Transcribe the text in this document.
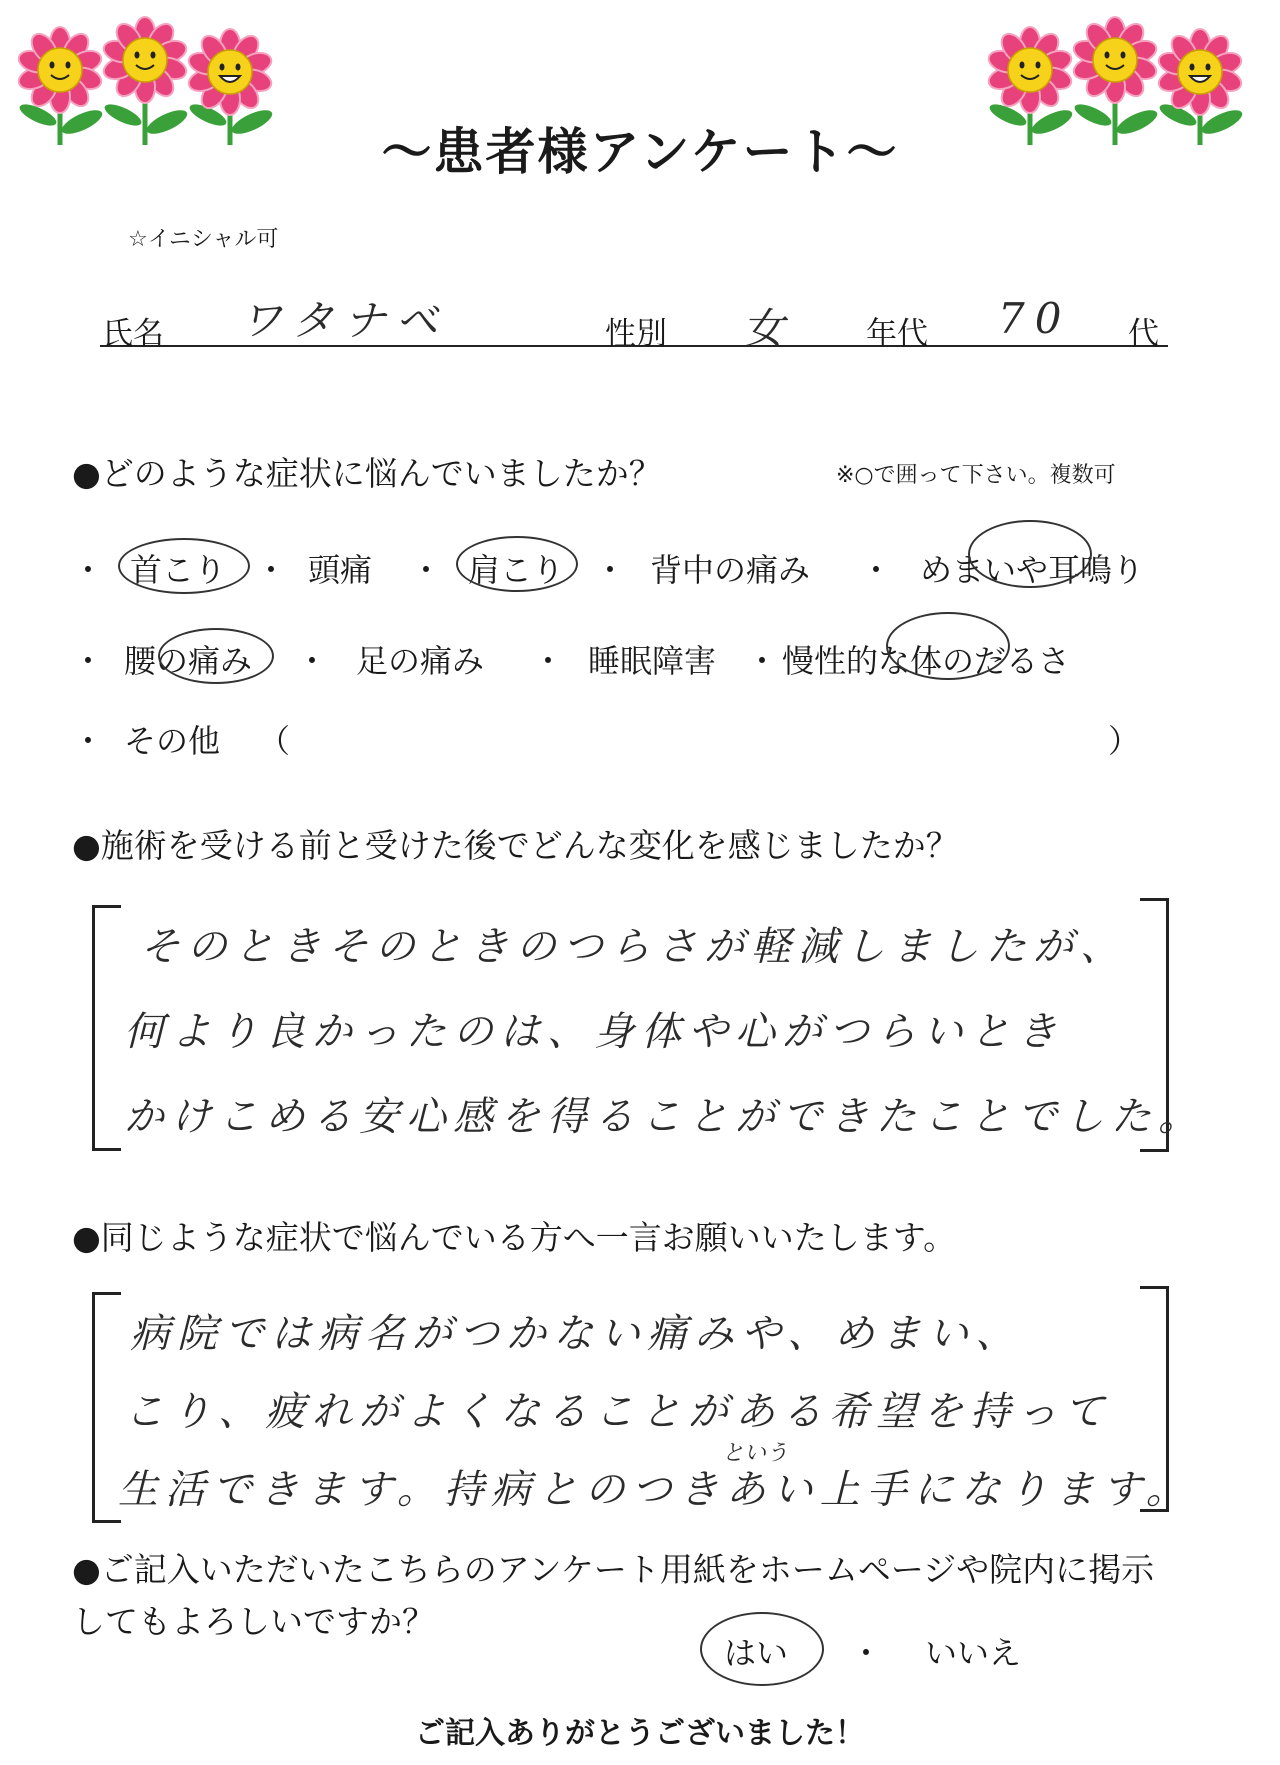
〜患者様アンケート〜
☆イニシャル可
氏名 ワタナベ	性別 女 年代 70 代
●どのような症状に悩んでいましたか？	※○で囲って下さい。複数可
・ 首こり ・ 頭痛 ・ 肩こり ・ 背中の痛み ・ めまいや耳鳴り
・ 腰の痛み ・ 足の痛み ・ 睡眠障害 ・ 慢性的な体のだるさ
・ その他 （	）
●施術を受ける前と受けた後でどんな変化を感じましたか？
そのときそのときのつらさが軽減しましたが、
何より良かったのは、身体や心がつらいとき
かけこめる安心感を得ることができたことでした。
●同じような症状で悩んでいる方へ一言お願いいたします。
病院では病名がつかない痛みや、めまい、
こり、疲れがよくなることがある希望を持って
という
生活できます。持病とのつきあい上手になります。
●ご記入いただいたこちらのアンケート用紙をホームページや院内に掲示
してもよろしいですか？
はい ・ いいえ
ご記入ありがとうございました！
